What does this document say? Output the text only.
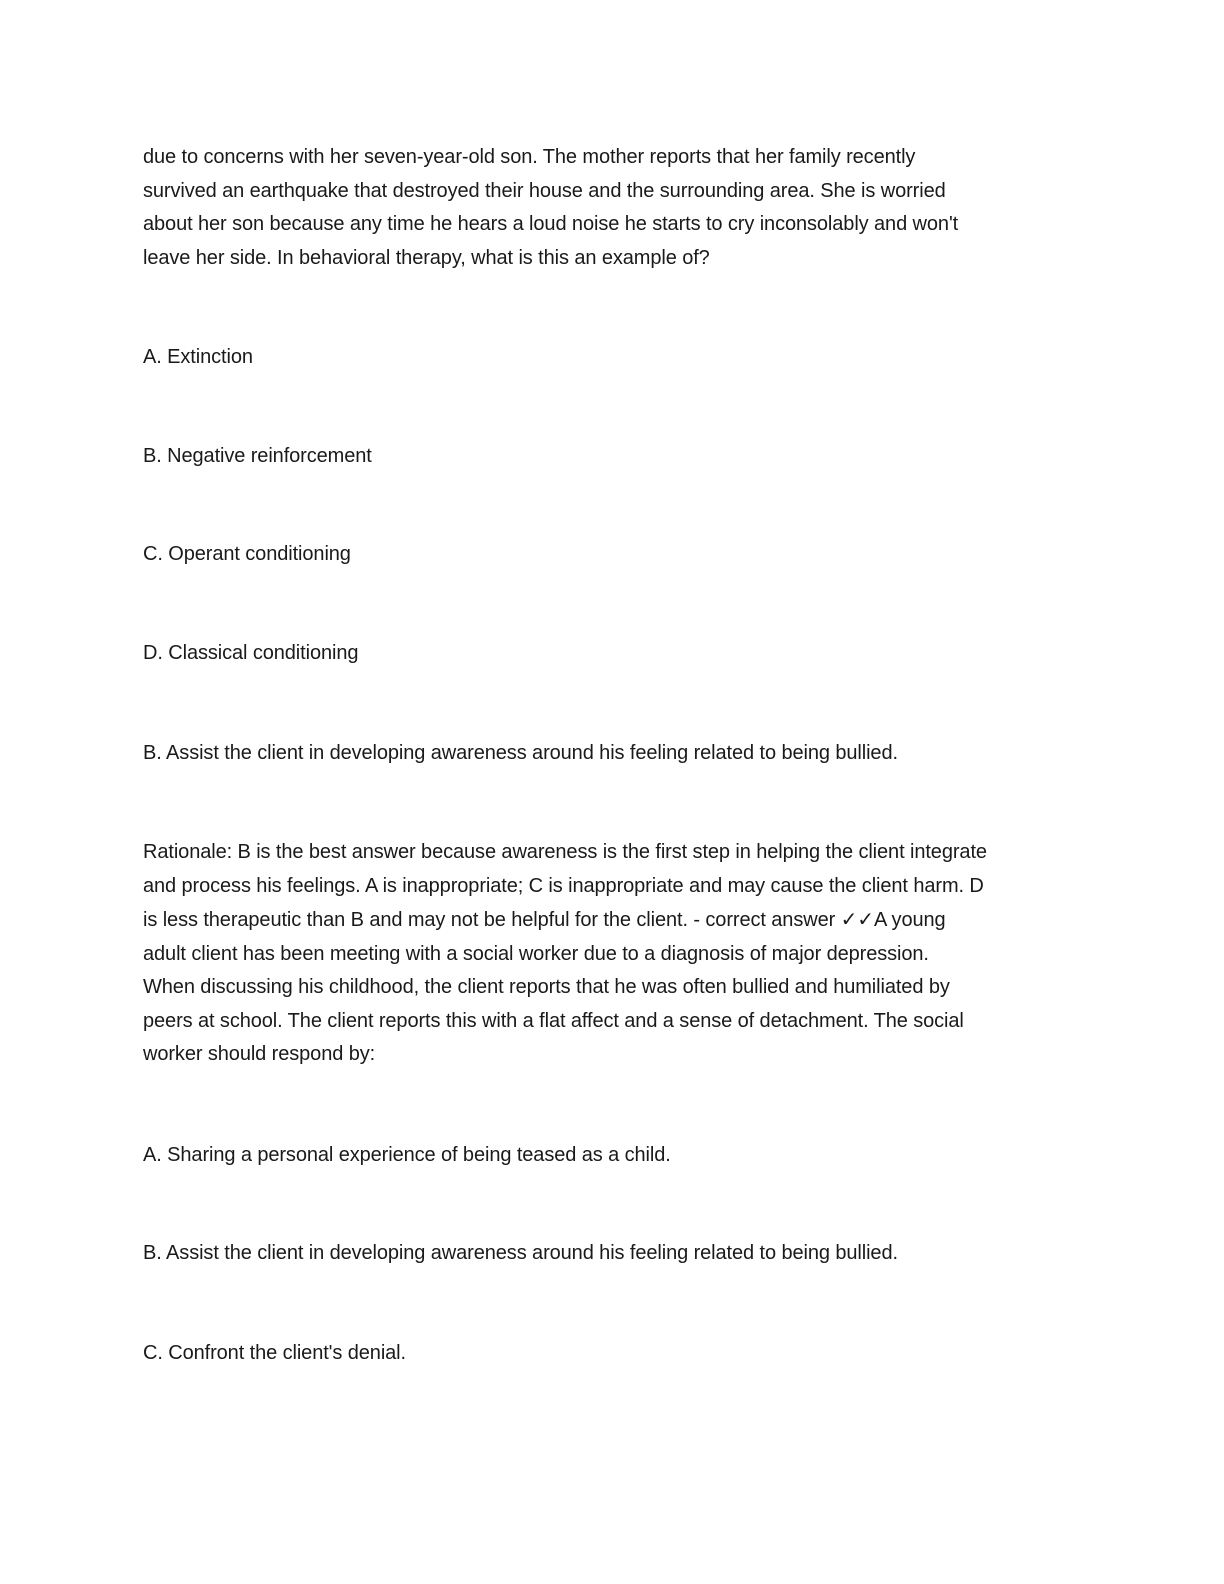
due to concerns with her seven-year-old son. The mother reports that her family recently
survived an earthquake that destroyed their house and the surrounding area. She is worried
about her son because any time he hears a loud noise he starts to cry inconsolably and won't
leave her side. In behavioral therapy, what is this an example of?
A. Extinction
B. Negative reinforcement
C. Operant conditioning
D. Classical conditioning
B. Assist the client in developing awareness around his feeling related to being bullied.
Rationale: B is the best answer because awareness is the first step in helping the client integrate
and process his feelings. A is inappropriate; C is inappropriate and may cause the client harm. D
is less therapeutic than B and may not be helpful for the client. - correct answer ✓✓A young
adult client has been meeting with a social worker due to a diagnosis of major depression.
When discussing his childhood, the client reports that he was often bullied and humiliated by
peers at school. The client reports this with a flat affect and a sense of detachment. The social
worker should respond by:
A. Sharing a personal experience of being teased as a child.
B. Assist the client in developing awareness around his feeling related to being bullied.
C. Confront the client's denial.
